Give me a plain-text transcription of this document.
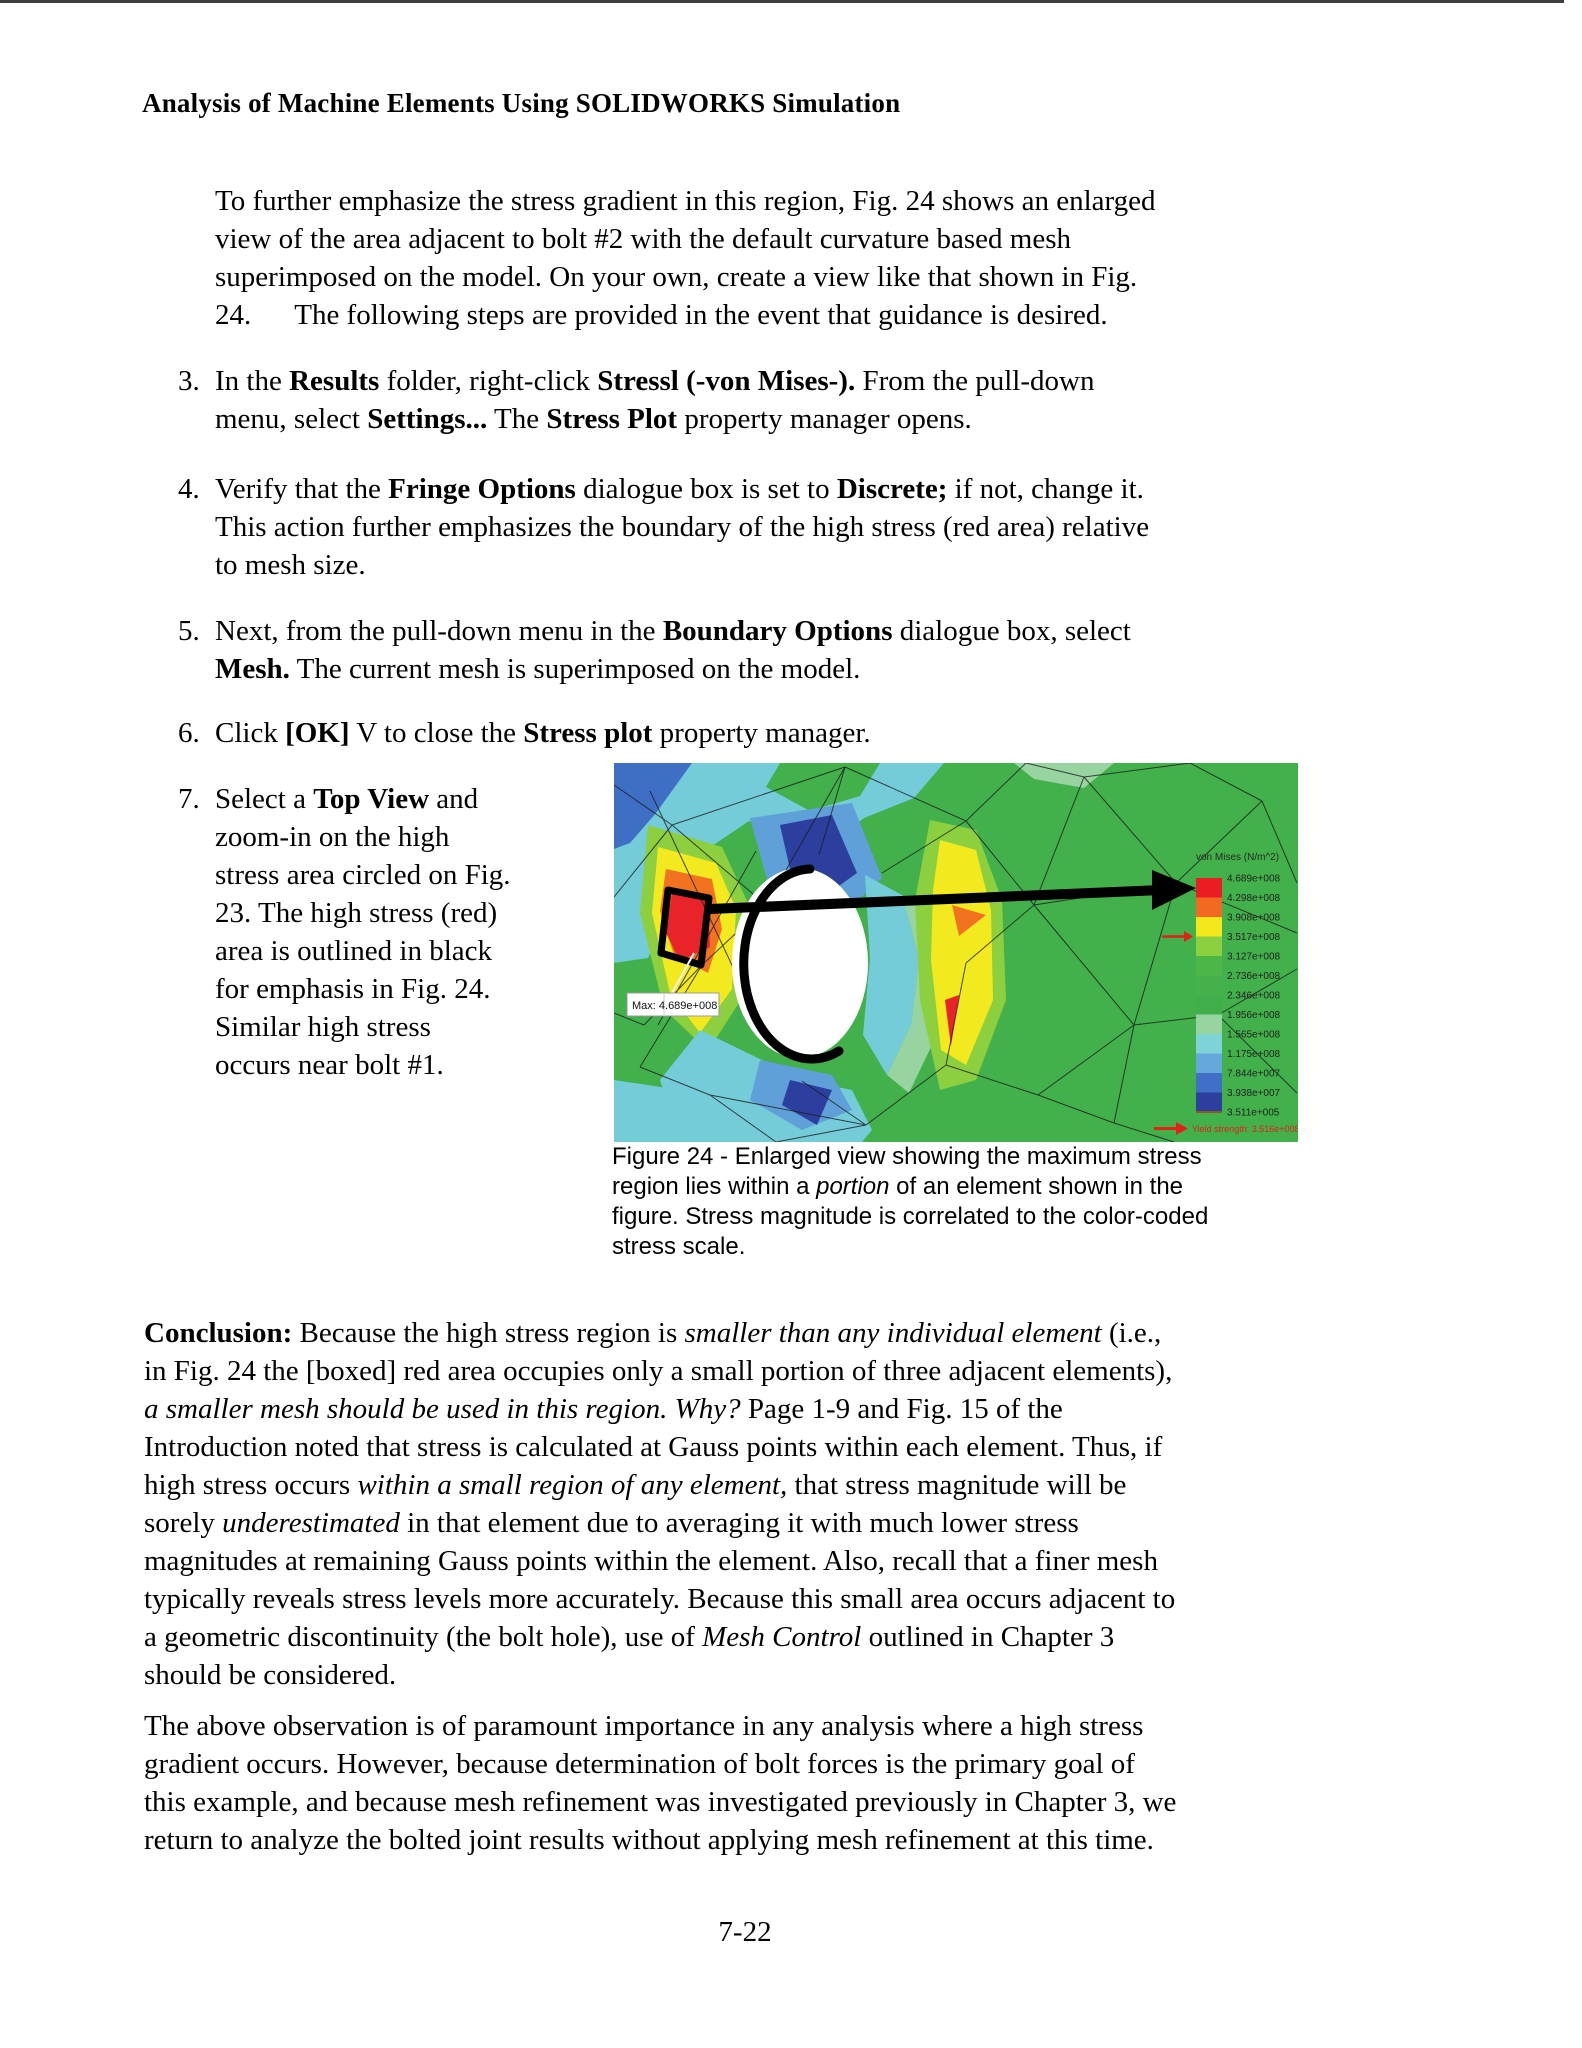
Analysis of Machine Elements Using SOLIDWORKS Simulation
To further emphasize the stress gradient in this region, Fig. 24 shows an enlarged
view of the area adjacent to bolt #2 with the default curvature based mesh
superimposed on the model. On your own, create a view like that shown in Fig.
24.      The following steps are provided in the event that guidance is desired.
3. In the Results folder, right-click Stressl (-von Mises-). From the pull-down
menu, select Settings... The Stress Plot property manager opens.
4. Verify that the Fringe Options dialogue box is set to Discrete; if not, change it.
This action further emphasizes the boundary of the high stress (red area) relative
to mesh size.
5. Next, from the pull-down menu in the Boundary Options dialogue box, select
Mesh. The current mesh is superimposed on the model.
6. Click [OK] V to close the Stress plot property manager.
7. Select a Top View and
zoom-in on the high
stress area circled on Fig.
23. The high stress (red)
area is outlined in black
for emphasis in Fig. 24.
Similar high stress
occurs near bolt #1.
Max: 4.689e+008
von Mises (N/m^2)
4.689e+008
4.298e+008
3.908e+008
3.517e+008
3.127e+008
2.736e+008
2.346e+008
1.956e+008
1.565e+008
1.175e+008
7.844e+007
3.938e+007
3.511e+005
Yield strength: 3.516e+008
Figure 24 - Enlarged view showing the maximum stress
region lies within a portion of an element shown in the
figure. Stress magnitude is correlated to the color-coded
stress scale.
Conclusion: Because the high stress region is smaller than any individual element (i.e.,
in Fig. 24 the [boxed] red area occupies only a small portion of three adjacent elements),
a smaller mesh should be used in this region. Why? Page 1-9 and Fig. 15 of the
Introduction noted that stress is calculated at Gauss points within each element. Thus, if
high stress occurs within a small region of any element, that stress magnitude will be
sorely underestimated in that element due to averaging it with much lower stress
magnitudes at remaining Gauss points within the element. Also, recall that a finer mesh
typically reveals stress levels more accurately. Because this small area occurs adjacent to
a geometric discontinuity (the bolt hole), use of Mesh Control outlined in Chapter 3
should be considered.
The above observation is of paramount importance in any analysis where a high stress
gradient occurs. However, because determination of bolt forces is the primary goal of
this example, and because mesh refinement was investigated previously in Chapter 3, we
return to analyze the bolted joint results without applying mesh refinement at this time.
7-22
